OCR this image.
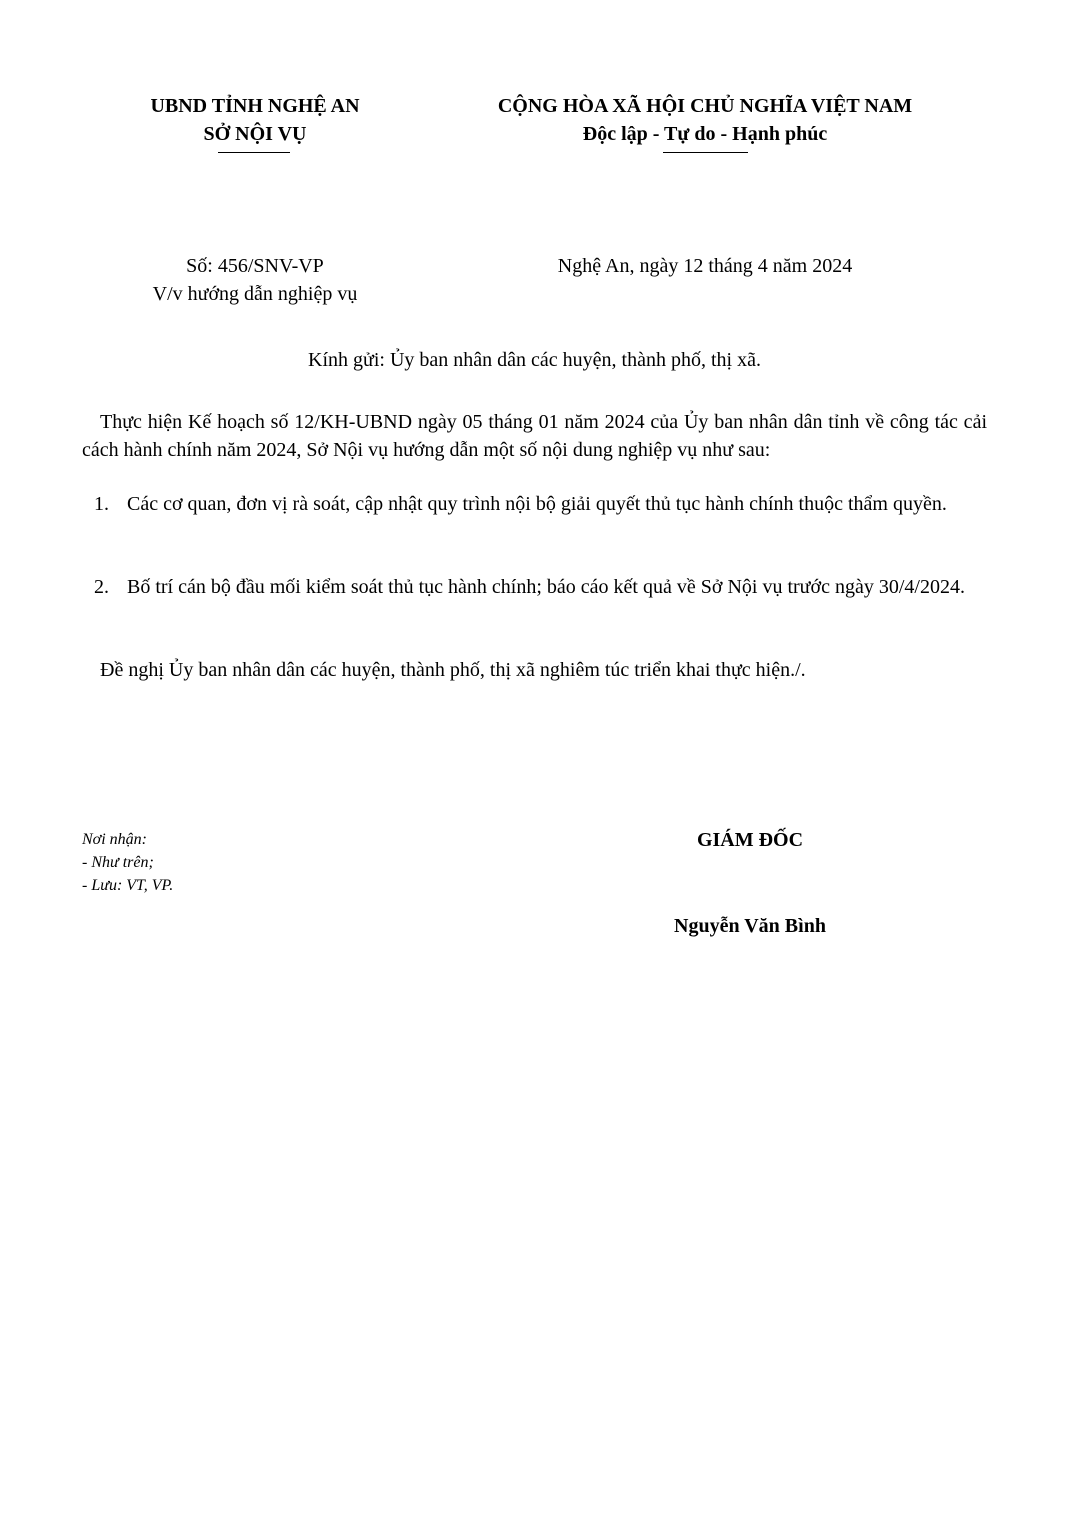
UBND TỈNH NGHỆ AN
SỞ NỘI VỤ
CỘNG HÒA XÃ HỘI CHỦ NGHĨA VIỆT NAM
Độc lập - Tự do - Hạnh phúc
Số: 456/SNV-VP
V/v hướng dẫn nghiệp vụ
Nghệ An, ngày 12 tháng 4 năm 2024
Kính gửi: Ủy ban nhân dân các huyện, thành phố, thị xã.
Thực hiện Kế hoạch số 12/KH-UBND ngày 05 tháng 01 năm 2024 của Ủy ban nhân dân tỉnh về công tác cải cách hành chính năm 2024, Sở Nội vụ hướng dẫn một số nội dung nghiệp vụ như sau:
1. Các cơ quan, đơn vị rà soát, cập nhật quy trình nội bộ giải quyết thủ tục hành chính thuộc thẩm quyền.
2. Bố trí cán bộ đầu mối kiểm soát thủ tục hành chính; báo cáo kết quả về Sở Nội vụ trước ngày 30/4/2024.
Đề nghị Ủy ban nhân dân các huyện, thành phố, thị xã nghiêm túc triển khai thực hiện./.
Nơi nhận:
- Như trên;
- Lưu: VT, VP.
GIÁM ĐỐC
Nguyễn Văn Bình
